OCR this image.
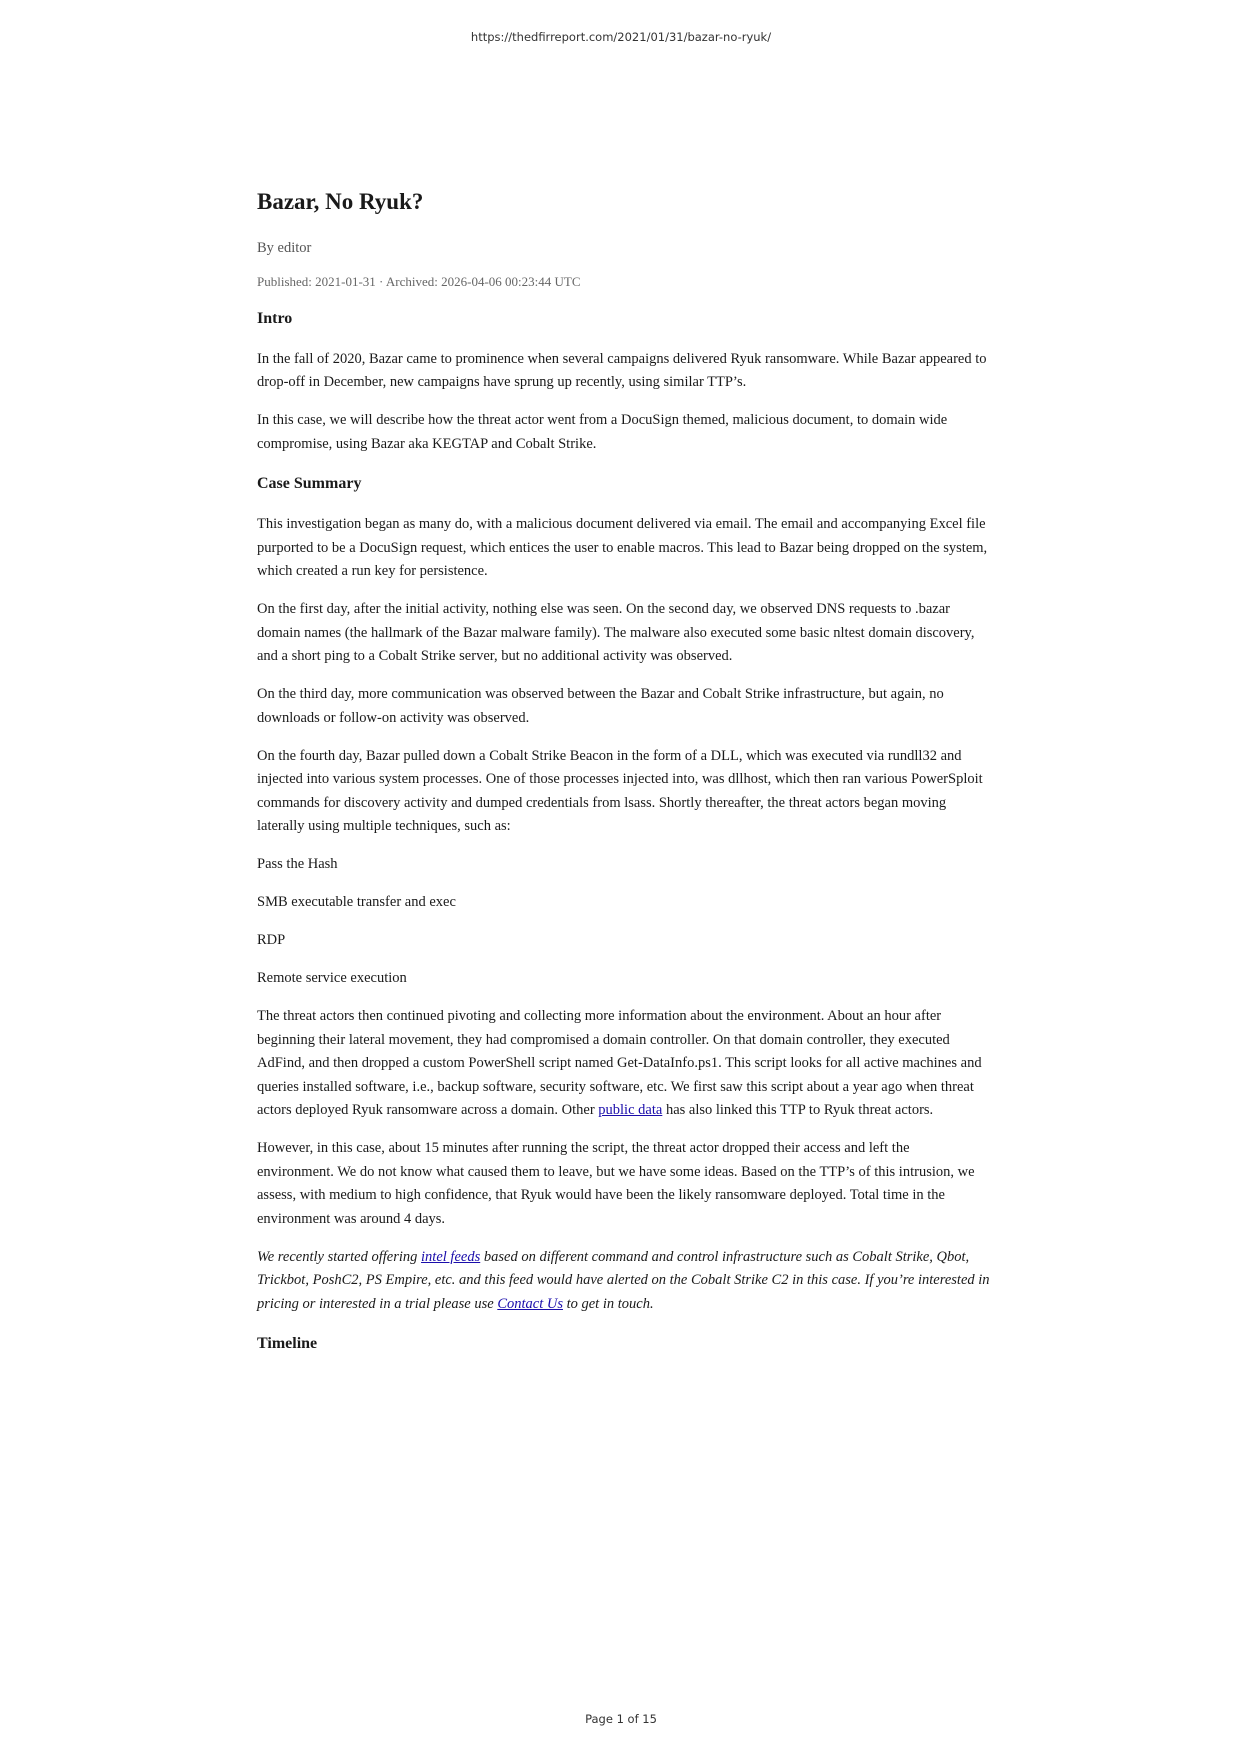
https://thedfirreport.com/2021/01/31/bazar-no-ryuk/
Bazar, No Ryuk?
By editor
Published: 2021-01-31 · Archived: 2026-04-06 00:23:44 UTC
Intro

In the fall of 2020, Bazar came to prominence when several campaigns delivered Ryuk ransomware. While Bazar appeared to drop-off in December, new campaigns have sprung up recently, using similar TTP’s.

In this case, we will describe how the threat actor went from a DocuSign themed, malicious document, to domain wide compromise, using Bazar aka KEGTAP and Cobalt Strike.

Case Summary

This investigation began as many do, with a malicious document delivered via email. The email and accompanying Excel file purported to be a DocuSign request, which entices the user to enable macros. This lead to Bazar being dropped on the system, which created a run key for persistence.

On the first day, after the initial activity, nothing else was seen. On the second day, we observed DNS requests to .bazar domain names (the hallmark of the Bazar malware family). The malware also executed some basic nltest domain discovery, and a short ping to a Cobalt Strike server, but no additional activity was observed.

On the third day, more communication was observed between the Bazar and Cobalt Strike infrastructure, but again, no downloads or follow-on activity was observed.

On the fourth day, Bazar pulled down a Cobalt Strike Beacon in the form of a DLL, which was executed via rundll32 and injected into various system processes. One of those processes injected into, was dllhost, which then ran various PowerSploit commands for discovery activity and dumped credentials from lsass. Shortly thereafter, the threat actors began moving laterally using multiple techniques, such as:

Pass the Hash

SMB executable transfer and exec

RDP

Remote service execution

The threat actors then continued pivoting and collecting more information about the environment. About an hour after beginning their lateral movement, they had compromised a domain controller. On that domain controller, they executed AdFind, and then dropped a custom PowerShell script named Get-DataInfo.ps1. This script looks for all active machines and queries installed software, i.e., backup software, security software, etc. We first saw this script about a year ago when threat actors deployed Ryuk ransomware across a domain. Other public data has also linked this TTP to Ryuk threat actors.

However, in this case, about 15 minutes after running the script, the threat actor dropped their access and left the environment. We do not know what caused them to leave, but we have some ideas. Based on the TTP’s of this intrusion, we assess, with medium to high confidence, that Ryuk would have been the likely ransomware deployed. Total time in the environment was around 4 days.

We recently started offering intel feeds based on different command and control infrastructure such as Cobalt Strike, Qbot, Trickbot, PoshC2, PS Empire, etc. and this feed would have alerted on the Cobalt Strike C2 in this case. If you’re interested in pricing or interested in a trial please use Contact Us to get in touch.

Timeline
Page 1 of 15
